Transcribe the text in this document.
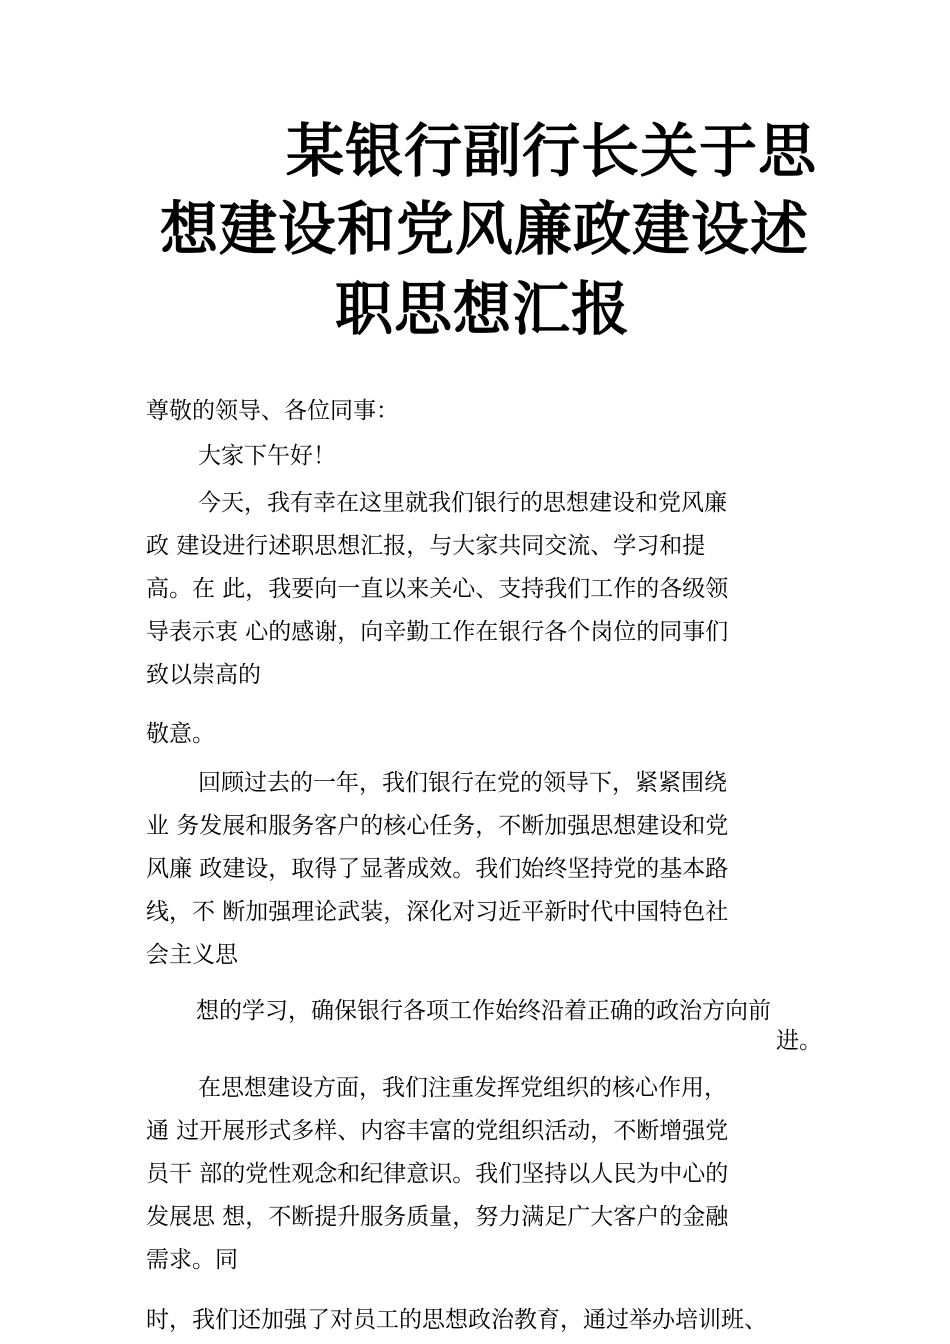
某银行副行长关于思
想建设和党风廉政建设述
职思想汇报
尊敬的领导、各位同事：
大家下午好！
今天，我有幸在这里就我们银行的思想建设和党风廉
政 建设进行述职思想汇报，与大家共同交流、学习和提
高。在 此，我要向一直以来关心、支持我们工作的各级领
导表示衷 心的感谢，向辛勤工作在银行各个岗位的同事们
致以崇高的
敬意。
回顾过去的一年，我们银行在党的领导下，紧紧围绕
业 务发展和服务客户的核心任务，不断加强思想建设和党
风廉 政建设，取得了显著成效。我们始终坚持党的基本路
线，不 断加强理论武装，深化对习近平新时代中国特色社
会主义思
想的学习，确保银行各项工作始终沿着正确的政治方向前
进。
在思想建设方面，我们注重发挥党组织的核心作用，
通 过开展形式多样、内容丰富的党组织活动，不断增强党
员干 部的党性观念和纪律意识。我们坚持以人民为中心的
发展思 想，不断提升服务质量，努力满足广大客户的金融
需求。同
时，我们还加强了对员工的思想政治教育，通过举办培训班、
